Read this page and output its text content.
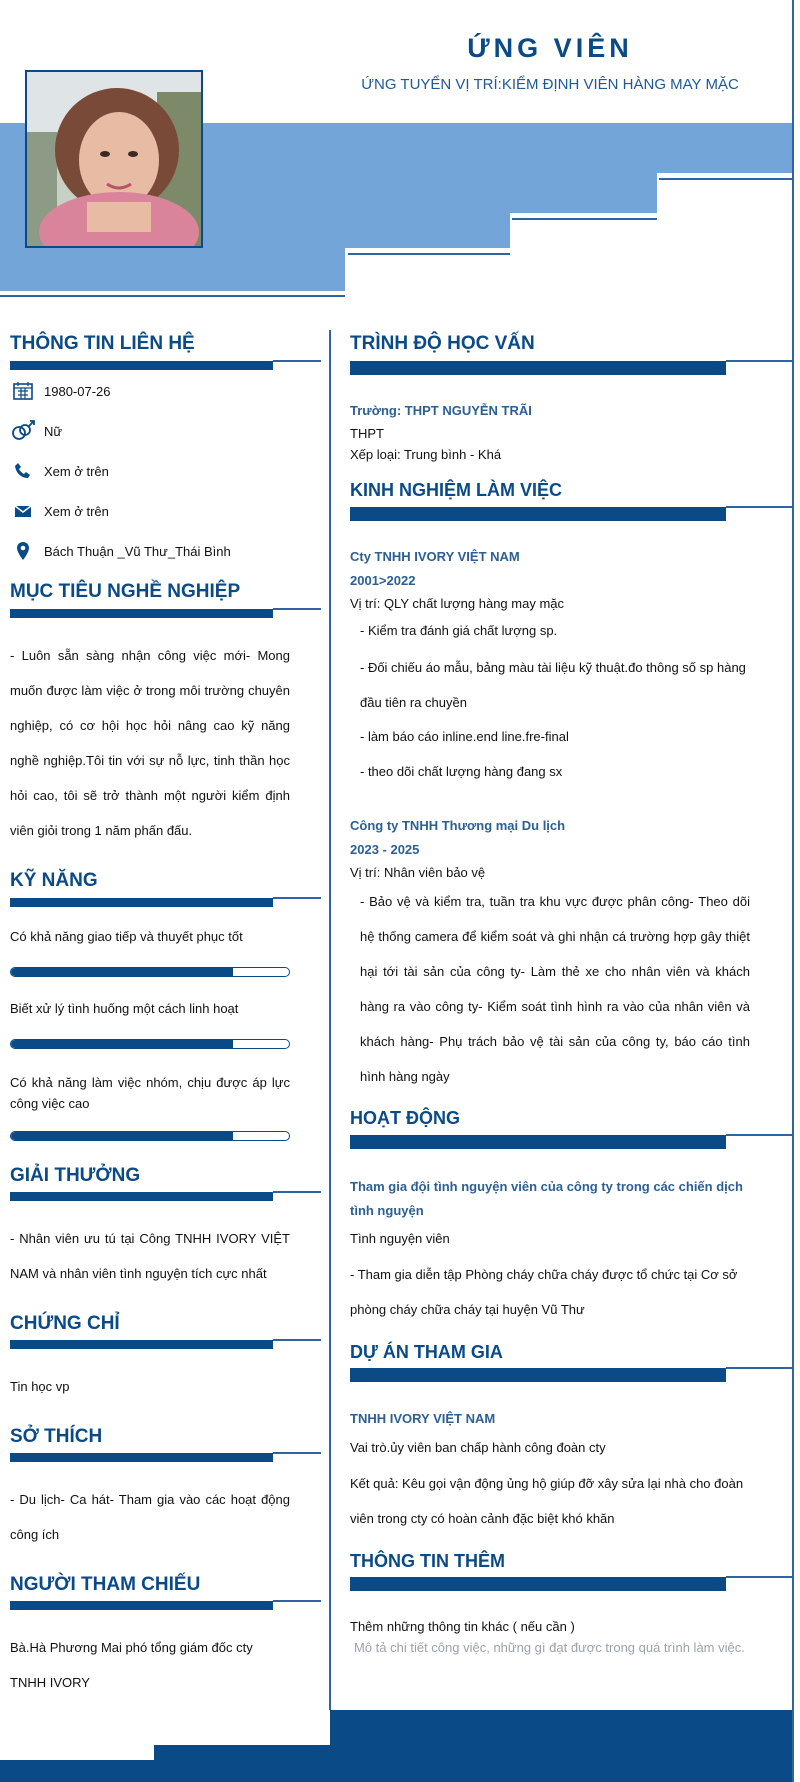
ỨNG VIÊN
ỨNG TUYỂN VỊ TRÍ:KIỂM ĐỊNH VIÊN HÀNG MAY MẶC
THÔNG TIN LIÊN HỆ
1980-07-26
Nữ
Xem ở trên
Xem ở trên
Bách Thuận _Vũ Thư_Thái Bình
MỤC TIÊU NGHỀ NGHIỆP
- Luôn sẵn sàng nhận công việc mới- Mong muốn được làm việc ở trong môi trường chuyên nghiệp, có cơ hội học hỏi nâng cao kỹ năng nghề nghiệp.Tôi tin với sự nỗ lực, tinh thần học hỏi cao, tôi sẽ trở thành một người kiểm định viên giỏi trong 1 năm phấn đấu.
KỸ NĂNG
Có khả năng giao tiếp và thuyết phục tốt
Biết xử lý tình huống một cách linh hoạt
Có khả năng làm việc nhóm, chịu được áp lực công việc cao
GIẢI THƯỞNG
- Nhân viên ưu tú tại Công TNHH IVORY VIỆT NAM và nhân viên tình nguyện tích cực nhất
CHỨNG CHỈ
Tin học vp
SỞ THÍCH
- Du lịch- Ca hát- Tham gia vào các hoạt động công ích
NGƯỜI THAM CHIẾU
Bà.Hà Phương Mai phó tổng giám đốc cty TNHH IVORY
TRÌNH ĐỘ HỌC VẤN
Trường: THPT NGUYỄN TRÃI
THPT
Xếp loại: Trung bình - Khá
KINH NGHIỆM LÀM VIỆC
Cty TNHH IVORY VIỆT NAM
2001>2022
Vị trí: QLY chất lượng hàng may mặc
- Kiểm tra đánh giá chất lượng sp.
- Đối chiếu áo mẫu, bảng màu tài liệu kỹ thuật.đo thông số sp hàng đầu tiên ra chuyền
- làm báo cáo inline.end line.fre-final
- theo dõi chất lượng hàng đang sx
Công ty TNHH Thương mại Du lịch
2023 - 2025
Vị trí: Nhân viên bảo vệ
- Bảo vệ và kiểm tra, tuần tra khu vực được phân công- Theo dõi hệ thống camera để kiểm soát và ghi nhận cá trường hợp gây thiệt hại tới tài sản của công ty- Làm thẻ xe cho nhân viên và khách hàng ra vào công ty- Kiểm soát tình hình ra vào của nhân viên và khách hàng- Phụ trách bảo vệ tài sản của công ty, báo cáo tình hình hàng ngày
HOẠT ĐỘNG
Tham gia đội tình nguyện viên của công ty trong các chiến dịch tình nguyện
Tình nguyện viên
- Tham gia diễn tập Phòng cháy chữa cháy được tổ chức tại Cơ sở phòng cháy chữa cháy tại huyện Vũ Thư
DỰ ÁN THAM GIA
TNHH IVORY VIỆT NAM
Vai trò.ủy viên ban chấp hành công đoàn cty
Kết quả: Kêu gọi vận động ủng hộ giúp đỡ xây sửa lại nhà cho đoàn viên trong cty có hoàn cảnh đặc biệt khó khăn
THÔNG TIN THÊM
Thêm những thông tin khác ( nếu cần )
Mô tả chi tiết công việc, những gì đạt được trong quá trình làm việc.
